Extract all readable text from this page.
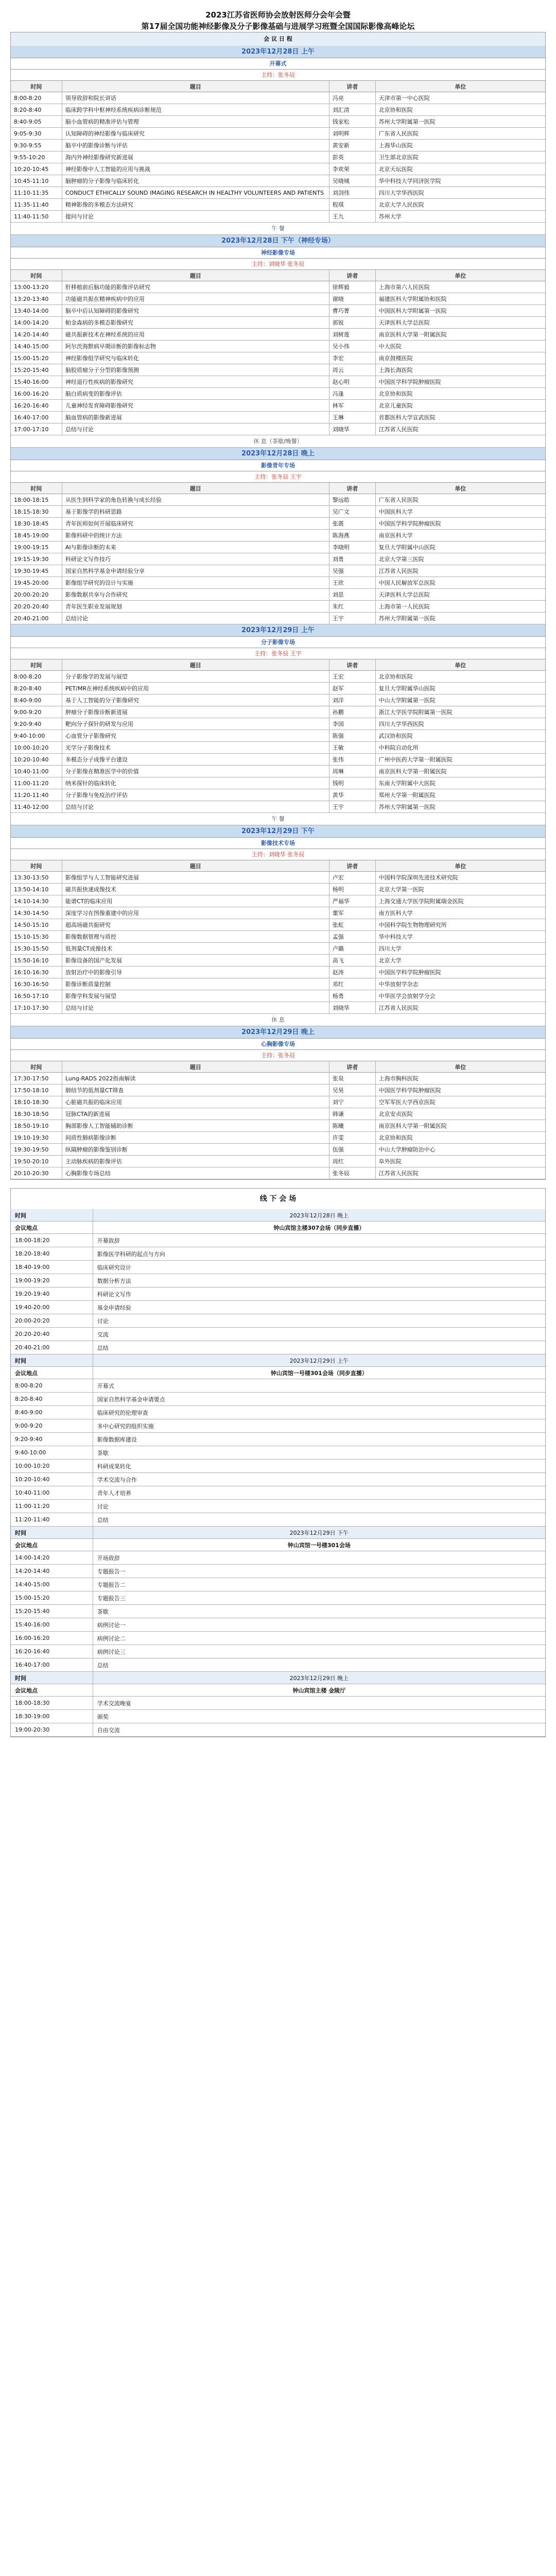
2023江苏省医师协会放射医师分会年会暨
第17届全国功能神经影像及分子影像基础与进展学习班暨全国国际影像高峰论坛
会 议 日 程
2023年12月28日 上午
开幕式
主持：张冬辰
时间	题目	讲者	单位
8:00-8:20	领导致辞和院长讲话	冯亮	天津市第一中心医院
8:20-8:40	临床跨学科中枢神经系统疾病诊断规范	刘汇清	北京协和医院
8:40-9:05	脑小血管病的精准评估与管理	钱家松	苏州大学附属第一医院
9:05-9:30	认知障碍的神经影像与临床研究	刘明辉	广东省人民医院
9:30-9:55	脑卒中的影像诊断与评估	黄安新	上海华山医院
9:55-10:20	海内外神经影像研究新进展	彭英	卫生部北京医院
10:20-10:45	神经影像中人工智能的应用与挑战	李欢荣	北京天坛医院
10:45-11:10	脑肿瘤的分子影像与临床转化	吴晓城	华中科技大学同济医学院
11:10-11:35	CONDUCT ETHICALLY SOUND IMAGING RESEARCH IN HEALTHY VOLUNTEERS AND PATIENTS	刘剑伟	四川大学华西医院
11:35-11:40	精神影像的多模态方法研究	程琪	北京大学人民医院
11:40-11:50	提问与讨论	王九	苏州大学
午 餐
2023年12月28日 下午（神经专场）
神经影像专场
主持：刘晓华 张冬辰
时间	题目	讲者	单位
13:00-13:20	肝移植前后脑功能的影像评估研究	徐辉毅	上海市第六人民医院
13:20-13:40	功能磁共振在精神疾病中的应用	谢晓	福建医科大学附属协和医院
13:40-14:00	脑卒中后认知障碍的影像研究	曹巧菁	中国医科大学附属第一医院
14:00-14:20	帕金森病的多模态影像研究	郭锐	天津医科大学总医院
14:20-14:40	磁共振新技术在神经系统的应用	刘树莲	南京医科大学第一附属医院
14:40-15:00	阿尔茨海默病早期诊断的影像标志物	吴小伟	中大医院
15:00-15:20	神经影像组学研究与临床转化	李宏	南京鼓楼医院
15:20-15:40	脑胶质瘤分子分型的影像预测	周云	上海长海医院
15:40-16:00	神经退行性疾病的影像研究	赵心明	中国医学科学院肿瘤医院
16:00-16:20	脑白质病变的影像评估	冯逢	北京协和医院
16:20-16:40	儿童神经发育障碍影像研究	林军	北京儿童医院
16:40-17:00	脑血管病的影像新进展	王琳	首都医科大学宣武医院
17:00-17:10	总结与讨论	刘晓华	江苏省人民医院
休 息（茶歇/晚餐）
2023年12月28日 晚上
影像青年专场
主持：张冬辰 王宇
时间	题目	讲者	单位
18:00-18:15	从医生到科学家的角色转换与成长经验	黎远皓	广东省人民医院
18:15-18:30	基于影像学的科研思路	吴广文	中国医科大学
18:30-18:45	青年医师如何开展临床研究	张震	中国医学科学院肿瘤医院
18:45-19:00	影像科研中的统计方法	陈海燕	南京医科大学
19:00-19:15	AI与影像诊断的未来	李晓明	复旦大学附属中山医院
19:15-19:30	科研论文写作技巧	刘勇	北京大学第三医院
19:30-19:45	国家自然科学基金申请经验分享	吴强	江苏省人民医院
19:45-20:00	影像组学研究的设计与实施	王欣	中国人民解放军总医院
20:00-20:20	影像数据共享与合作研究	刘思	天津医科大学总医院
20:20-20:40	青年医生职业发展规划	朱红	上海市第一人民医院
20:40-21:00	总结讨论	王宇	苏州大学附属第一医院
2023年12月29日 上午
分子影像专场
主持：张冬辰 王宇
时间	题目	讲者	单位
8:00-8:20	分子影像学的发展与展望	王宏	北京协和医院
8:20-8:40	PET/MR在神经系统疾病中的应用	赵军	复旦大学附属华山医院
8:40-9:00	基于人工智能的分子影像研究	刘洋	中山大学附属第一医院
9:00-9:20	肿瘤分子影像诊断新进展	孙鹏	浙江大学医学院附属第一医院
9:20-9:40	靶向分子探针的研发与应用	李国	四川大学华西医院
9:40-10:00	心血管分子影像研究	陈强	武汉协和医院
10:00-10:20	光学分子影像技术	王敏	中科院自动化所
10:20-10:40	多模态分子成像平台建设	张伟	广州中医药大学第一附属医院
10:40-11:00	分子影像在精准医学中的价值	周琳	南京医科大学第一附属医院
11:00-11:20	纳米探针的临床转化	钱明	东南大学附属中大医院
11:20-11:40	分子影像与免疫治疗评估	黄华	郑州大学第一附属医院
11:40-12:00	总结与讨论	王宇	苏州大学附属第一医院
午 餐
2023年12月29日 下午
影像技术专场
主持：刘晓华 张冬辰
时间	题目	讲者	单位
13:30-13:50	影像组学与人工智能研究进展	卢宏	中国科学院深圳先进技术研究院
13:50-14:10	磁共振快速成像技术	杨明	北京大学第一医院
14:10-14:30	能谱CT的临床应用	严福华	上海交通大学医学院附属瑞金医院
14:30-14:50	深度学习在图像重建中的应用	董军	南方医科大学
14:50-15:10	超高场磁共振研究	张虹	中国科学院生物物理研究所
15:10-15:30	影像数据管理与质控	孟强	华中科技大学
15:30-15:50	低剂量CT成像技术	卢璐	四川大学
15:50-16:10	影像设备的国产化发展	高飞	北京大学
16:10-16:30	放射治疗中的影像引导	赵涛	中国医学科学院肿瘤医院
16:30-16:50	影像诊断质量控制	邓红	中华放射学杂志
16:50-17:10	影像学科发展与展望	杨勇	中华医学会放射学分会
17:10-17:30	总结与讨论	刘晓华	江苏省人民医院
休 息
2023年12月29日 晚上
心胸影像专场
主持：张冬辰
时间	题目	讲者	单位
17:30-17:50	Lung-RADS 2022指南解读	张泉	上海市胸科医院
17:50-18:10	肺结节的低剂量CT筛查	吴昊	中国医学科学院肿瘤医院
18:10-18:30	心脏磁共振的临床应用	刘宁	空军军医大学西京医院
18:30-18:50	冠脉CTA的新进展	韩谦	北京安贞医院
18:50-19:10	胸部影像人工智能辅助诊断	陈曦	南京医科大学第一附属医院
19:10-19:30	间质性肺病影像诊断	许雯	北京协和医院
19:30-19:50	纵隔肿瘤的影像鉴别诊断	伍强	中山大学肿瘤防治中心
19:50-20:10	主动脉疾病的影像评估	周红	阜外医院
20:10-20:30	心胸影像专场总结	张冬辰	江苏省人民医院
线 下 会 场
时间	2023年12月28日 晚上
会议地点	钟山宾馆主楼307会场（同步直播）
18:00-18:20	开幕致辞
18:20-18:40	影像医学科研的起点与方向
18:40-19:00	临床研究设计
19:00-19:20	数据分析方法
19:20-19:40	科研论文写作
19:40-20:00	基金申请经验
20:00-20:20	讨论
20:20-20:40	交流
20:40-21:00	总结
时间	2023年12月29日 上午
会议地点	钟山宾馆一号楼301会场（同步直播）
8:00-8:20	开幕式
8:20-8:40	国家自然科学基金申请要点
8:40-9:00	临床研究的伦理审查
9:00-9:20	多中心研究的组织实施
9:20-9:40	影像数据库建设
9:40-10:00	茶歇
10:00-10:20	科研成果转化
10:20-10:40	学术交流与合作
10:40-11:00	青年人才培养
11:00-11:20	讨论
11:20-11:40	总结
时间	2023年12月29日 下午
会议地点	钟山宾馆一号楼301会场
14:00-14:20	开场致辞
14:20-14:40	专题报告一
14:40-15:00	专题报告二
15:00-15:20	专题报告三
15:20-15:40	茶歇
15:40-16:00	病例讨论一
16:00-16:20	病例讨论二
16:20-16:40	病例讨论三
16:40-17:00	总结
时间	2023年12月29日 晚上
会议地点	钟山宾馆主楼 金陵厅
18:00-18:30	学术交流晚宴
18:30-19:00	颁奖
19:00-20:30	自由交流
